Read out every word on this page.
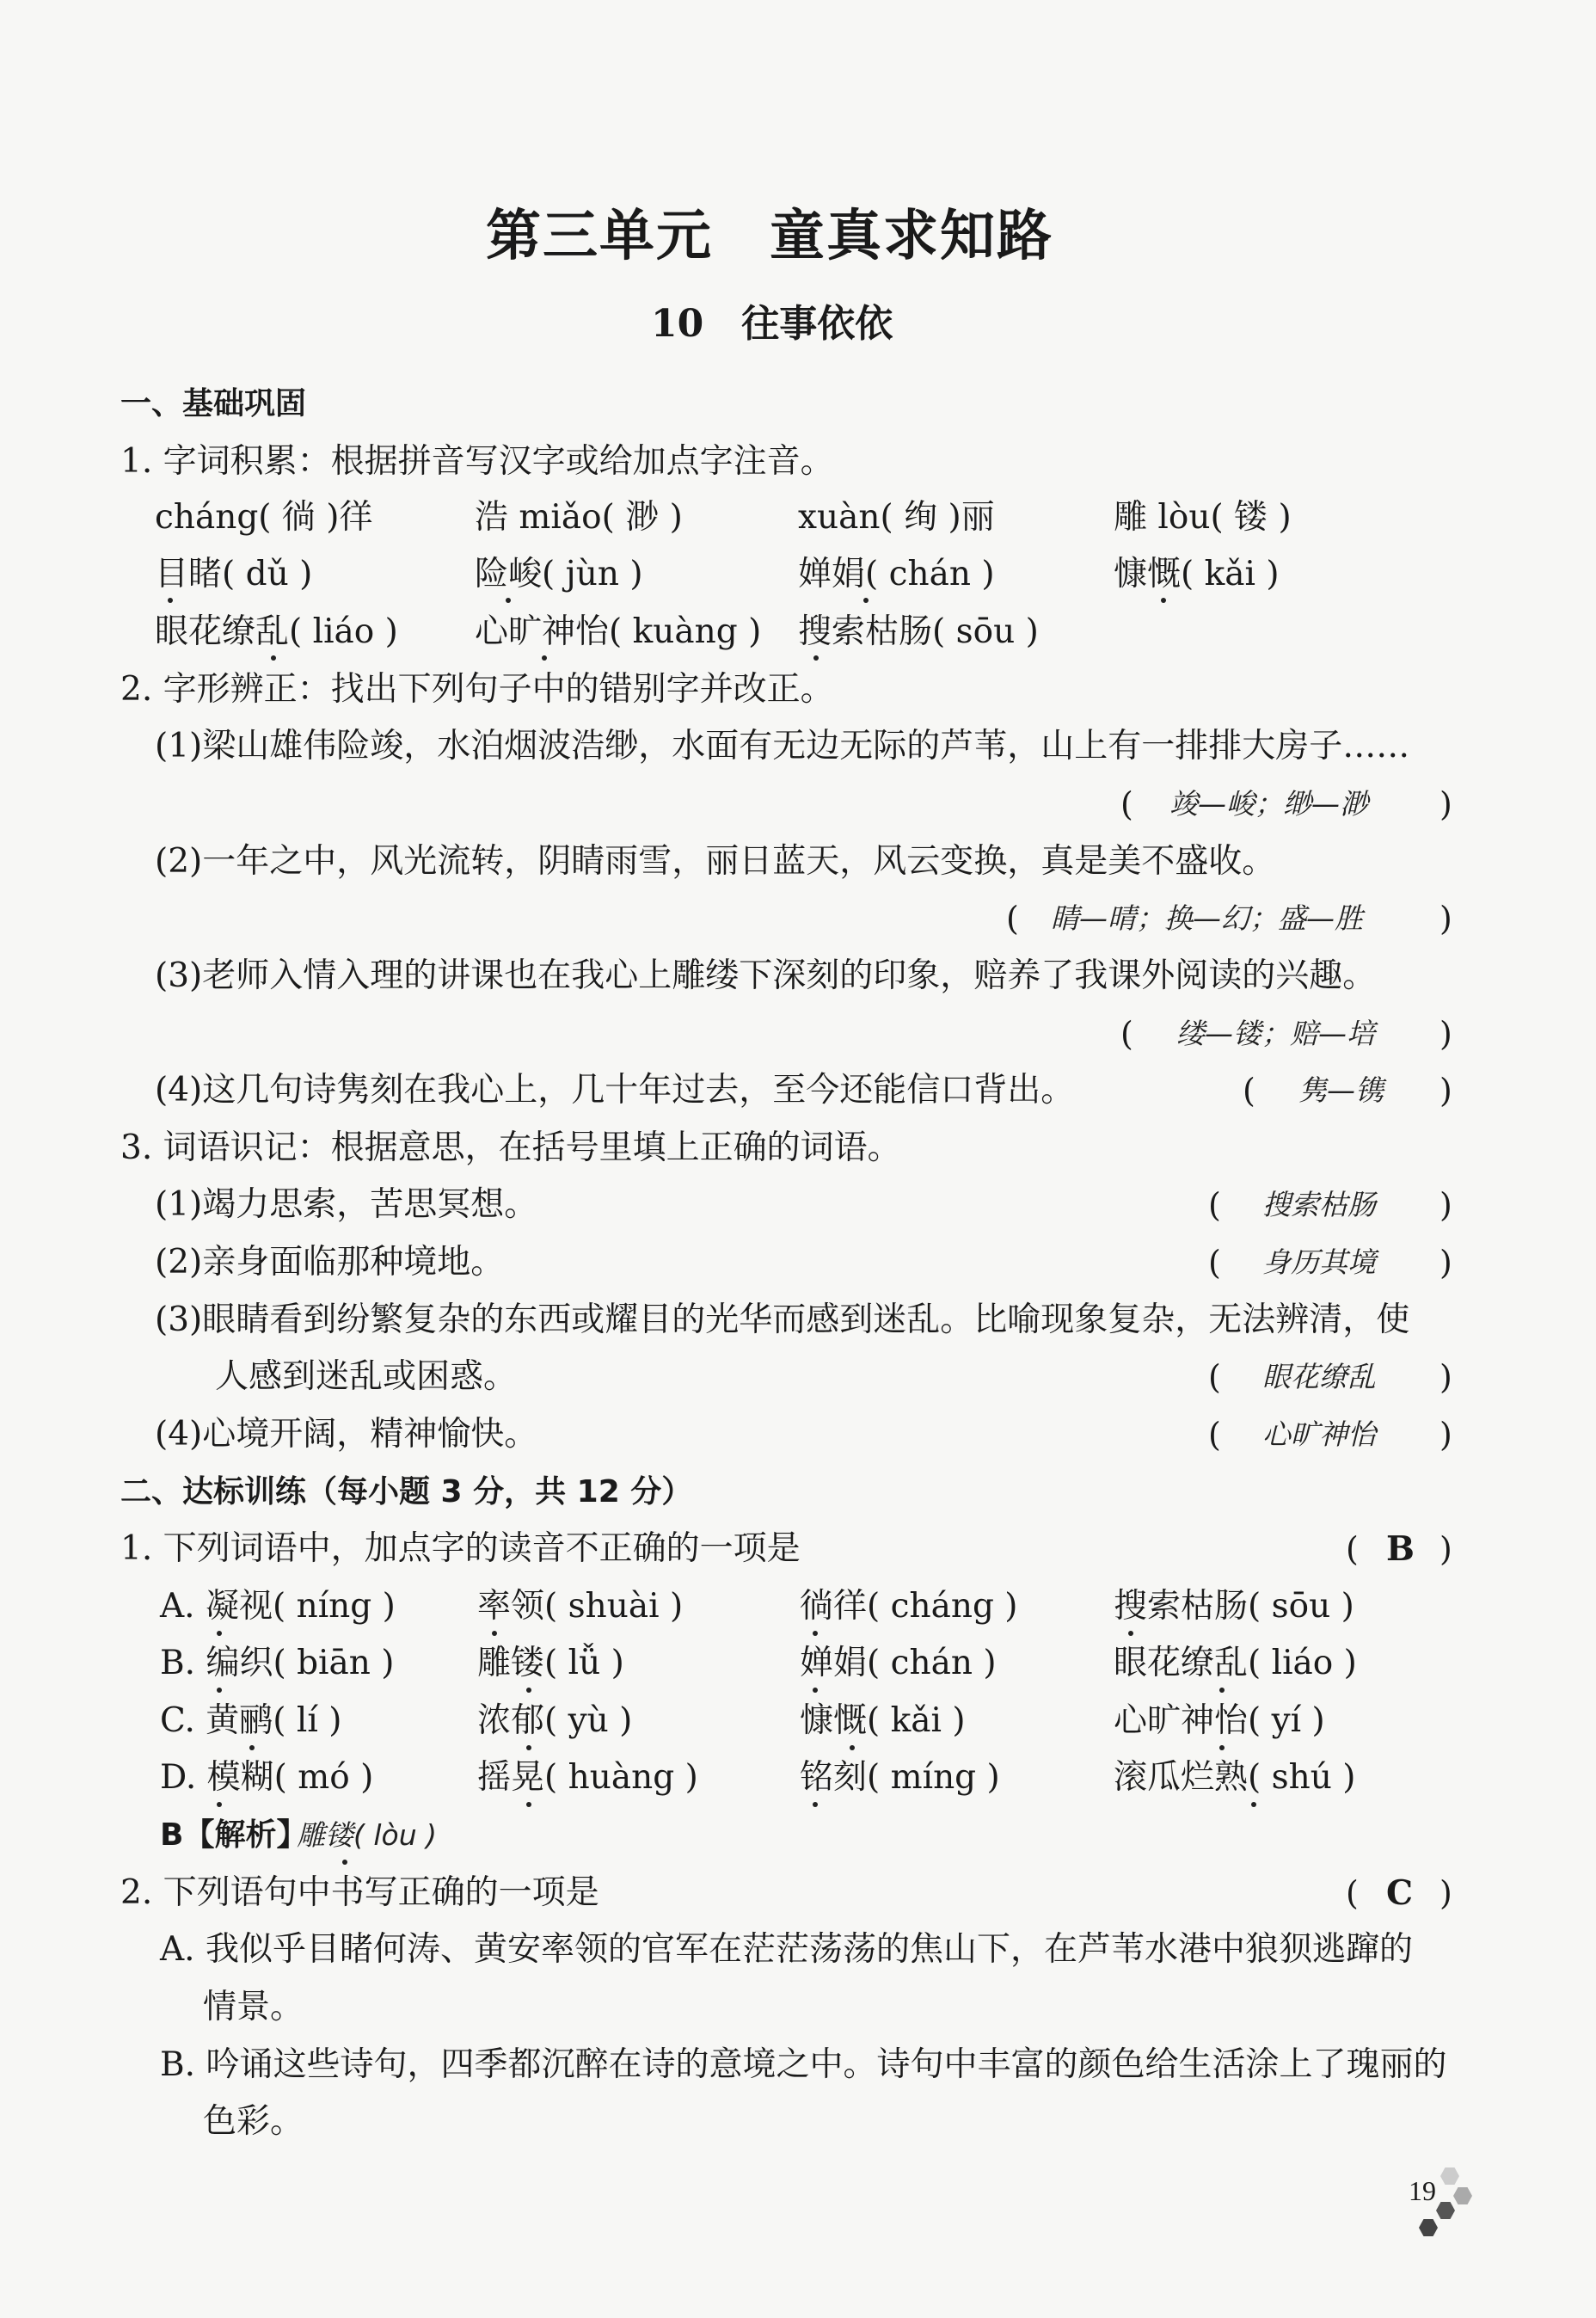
第三单元　童真求知路
10　往事依依
一、基础巩固
1. 字词积累：根据拼音写汉字或给加点字注音。
cháng( 徜 )徉	浩 miǎo( 渺 )	xuàn( 绚 )丽	雕 lòu( 镂 )
目睹( dǔ )	险峻( jùn )	婵娟( chán )	慷慨( kǎi )
眼花缭乱( liáo ) 心旷神怡( kuàng ) 搜索枯肠( sōu )
2. 字形辨正：找出下列句子中的错别字并改正。
(1)梁山雄伟险竣，水泊烟波浩缈，水面有无边无际的芦苇，山上有一排排大房子……
( 竣—峻；缈—渺 )
(2)一年之中，风光流转，阴睛雨雪，丽日蓝天，风云变换，真是美不盛收。
( 睛—晴；换—幻；盛—胜 )
(3)老师入情入理的讲课也在我心上雕缕下深刻的印象，赔养了我课外阅读的兴趣。
( 缕—镂；赔—培 )
(4)这几句诗隽刻在我心上，几十年过去，至今还能信口背出。	( 隽—镌 )
3. 词语识记：根据意思，在括号里填上正确的词语。
(1)竭力思索，苦思冥想。	( 搜索枯肠 )
(2)亲身面临那种境地。	( 身历其境 )
(3)眼睛看到纷繁复杂的东西或耀目的光华而感到迷乱。比喻现象复杂，无法辨清，使
人感到迷乱或困惑。	( 眼花缭乱 )
(4)心境开阔，精神愉快。	( 心旷神怡 )
二、达标训练（每小题 3 分，共 12 分）
1. 下列词语中，加点字的读音不正确的一项是	( B )
A. 凝视( níng ) 率领( shuài )	徜徉( cháng )	搜索枯肠( sōu )
B. 编织( biān ) 雕镂( lǚ )	婵娟( chán )	眼花缭乱( liáo )
C. 黄鹂( lí )	浓郁( yù )	慷慨( kǎi )	心旷神怡( yí )
D. 模糊( mó )	摇晃( huàng )	铭刻( míng )	滚瓜烂熟( shú )
B【解析】
雕镂( lòu )
2. 下列语句中书写正确的一项是	( C )
A. 我似乎目睹何涛、黄安率领的官军在茫茫荡荡的焦山下，在芦苇水港中狼狈逃蹿的
情景。
B. 吟诵这些诗句，四季都沉醉在诗的意境之中。诗句中丰富的颜色给生活涂上了瑰丽的
色彩。
19
